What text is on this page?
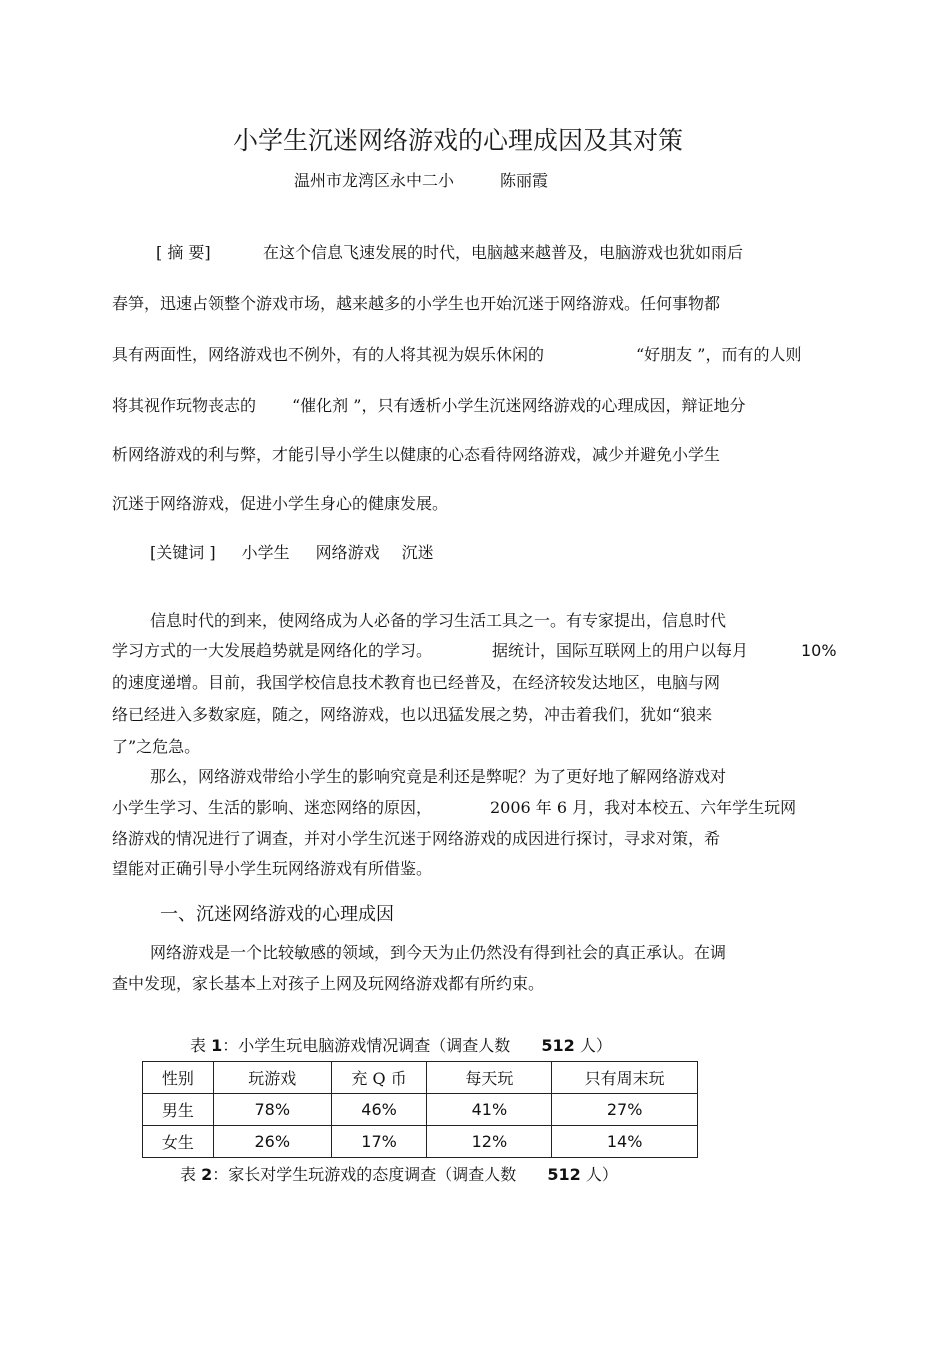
小学生沉迷网络游戏的心理成因及其对策
温州市龙湾区永中二小	陈丽霞
[ 摘 要]	在这个信息飞速发展的时代，电脑越来越普及，电脑游戏也犹如雨后
春笋，迅速占领整个游戏市场，越来越多的小学生也开始沉迷于网络游戏。任何事物都
具有两面性，网络游戏也不例外，有的人将其视为娱乐休闲的	“好朋友 ”，而有的人则
将其视作玩物丧志的 “催化剂 ”，只有透析小学生沉迷网络游戏的心理成因，辩证地分
析网络游戏的利与弊，才能引导小学生以健康的心态看待网络游戏，减少并避免小学生
沉迷于网络游戏，促进小学生身心的健康发展。
[关键词 ] 小学生 网络游戏 沉迷
信息时代的到来，使网络成为人必备的学习生活工具之一。有专家提出，信息时代
学习方式的一大发展趋势就是网络化的学习。	据统计，国际互联网上的用户以每月	10%
的速度递增。目前，我国学校信息技术教育也已经普及，在经济较发达地区，电脑与网
络已经进入多数家庭，随之，网络游戏，也以迅猛发展之势，冲击着我们，犹如“狼来
了”之危急。
那么，网络游戏带给小学生的影响究竟是利还是弊呢？为了更好地了解网络游戏对
小学生学习、生活的影响、迷恋网络的原因，	2006 年 6 月，我对本校五、六年学生玩网
络游戏的情况进行了调查，并对小学生沉迷于网络游戏的成因进行探讨，寻求对策，希
望能对正确引导小学生玩网络游戏有所借鉴。
一、沉迷网络游戏的心理成因
网络游戏是一个比较敏感的领域，到今天为止仍然没有得到社会的真正承认。在调
查中发现，家长基本上对孩子上网及玩网络游戏都有所约束。
表 1：小学生玩电脑游戏情况调查（调查人数 512 人）
性别	玩游戏	充 Q 币	每天玩	只有周末玩
男生	78%	46%	41%	27%
女生	26%	17%	12%	14%
表 2：家长对学生玩游戏的态度调查（调查人数 512 人）
